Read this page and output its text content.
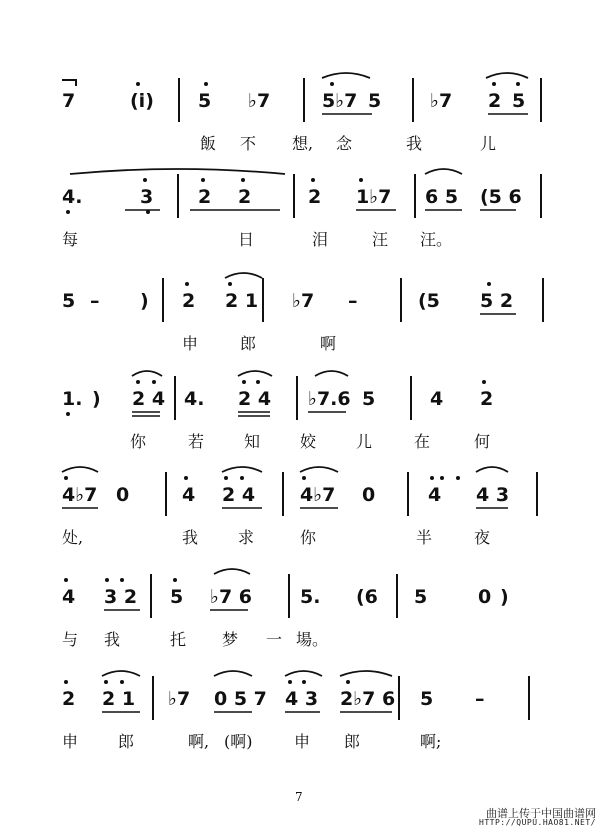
7	(i) 5 ♭7	5♭7 5	♭7 2 5
飯 不 想, 念	我	儿
4.	3 2 2	2 1♭7 6 5 (5 6
每	日	泪	汪 汪。
5 – ) 2 2 1 ♭7 –	(5 5 2
申	郎	啊
1. ) 2 4 4. 2 4 ♭7.6 5	4 2
你	若 知 姣 儿	在	何
4♭7 0	4 2 4 4♭7 0	4 4 3
处,	我 求	你	半	夜
4 3 2 5 ♭7 6	5. (6 5	0 )
与 我	托 梦 一 場。
2 2 1 ♭7 0 5 7 4 3 2♭7 6 5 –
申 郎	啊, (啊)	申 郎	啊;
7
曲谱上传于中国曲谱网
HTTP://QUPU.HAO81.NET/
